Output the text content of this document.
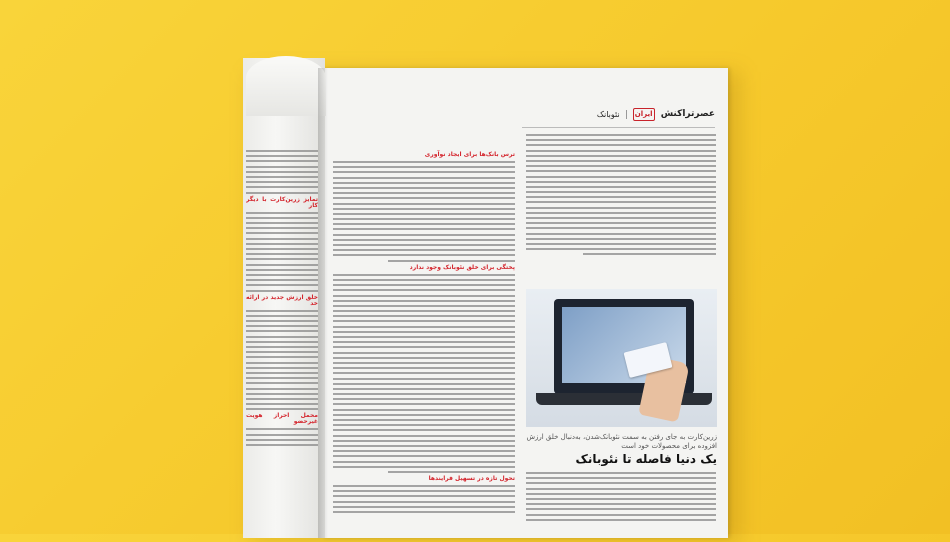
عصرتراکنش
ایران
نئوبانک
ترس بانک‌ها برای ایجاد نوآوری
پختگی برای خلق نئوبانک وجود ندارد
تحول تازه در تسهیل فرایندها
تمایز زرین‌کارت با دیگر کار
خلق ارزش جدید در ارائه خد
محمل احراز هویت غیرحضو
زرین‌کارت به جای رفتن به سمت نئوبانک‌شدن، به‌دنبال خلق ارزش افزوده برای محصولات خود است
یک دنیا فاصله تا نئوبانک
